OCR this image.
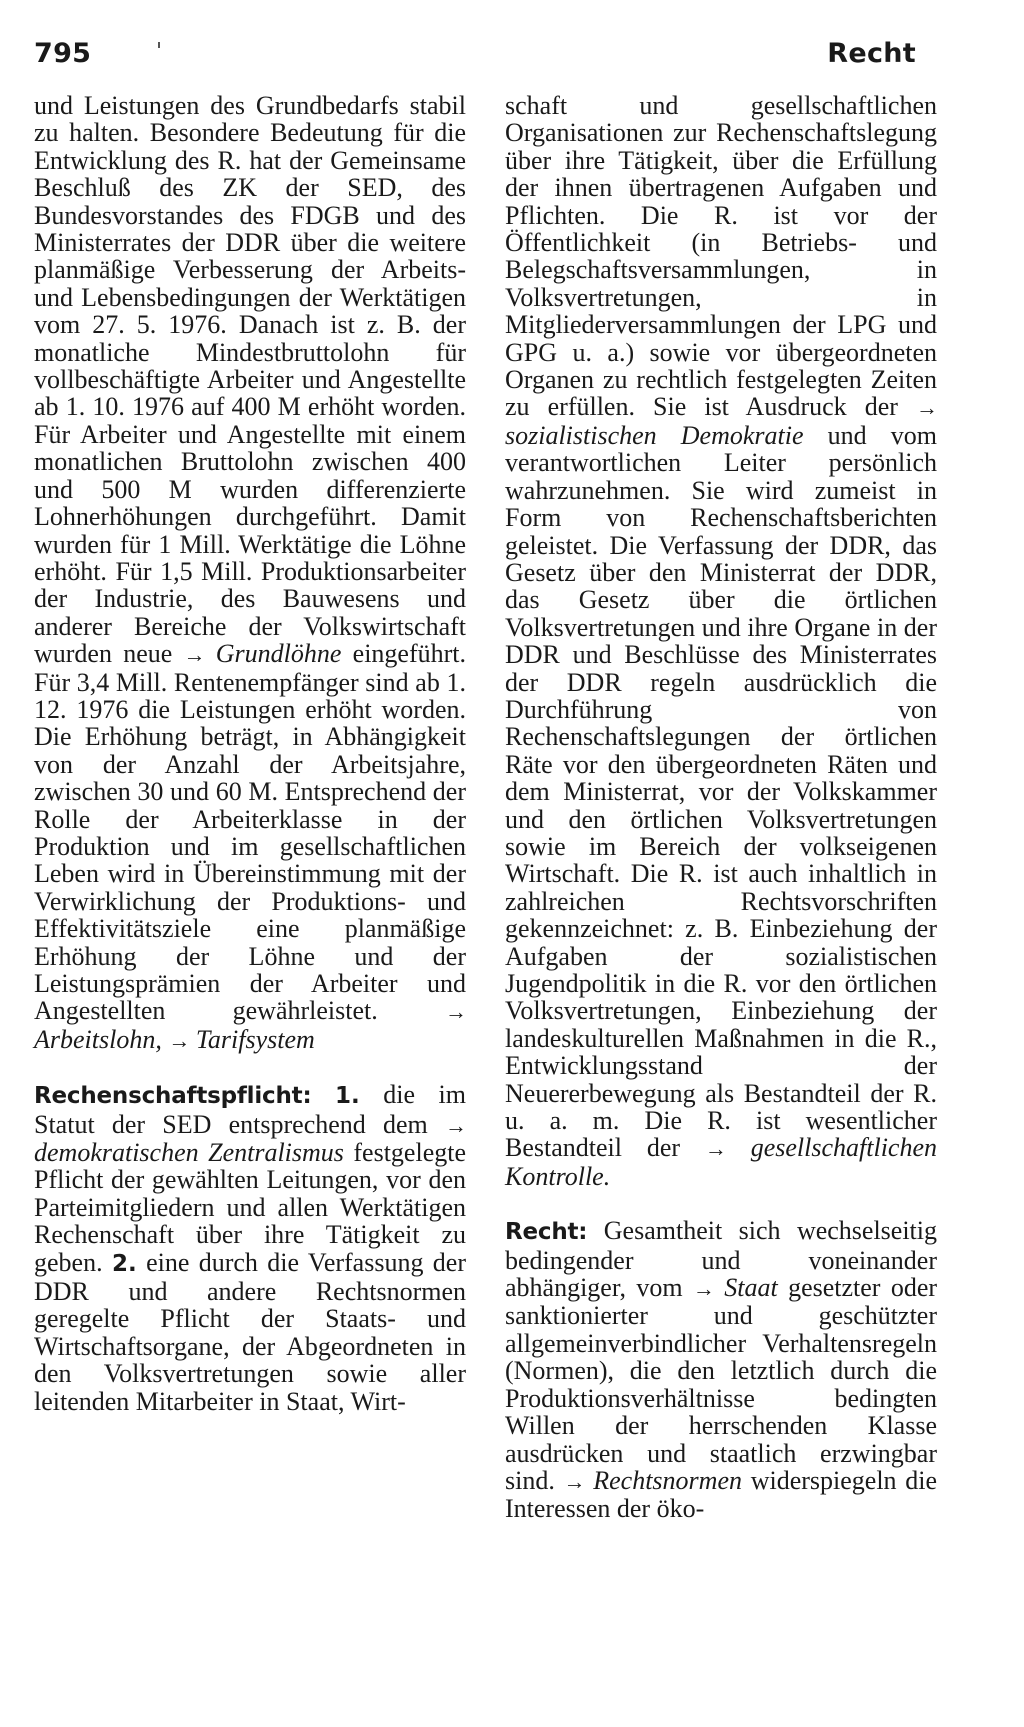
795	Recht

und Leistungen des Grundbedarfs stabil zu halten. Besondere Bedeutung für die Entwicklung des R. hat der Gemeinsame Beschluß des ZK der SED, des Bundesvorstandes des FDGB und des Ministerrates der DDR über die weitere planmäßige Verbesserung der Arbeits- und Lebensbedingungen der Werktätigen vom 27. 5. 1976. Danach ist z. B. der monatliche Mindestbruttolohn für vollbeschäftigte Arbeiter und Angestellte ab 1. 10. 1976 auf 400 M erhöht worden. Für Arbeiter und Angestellte mit einem monatlichen Bruttolohn zwischen 400 und 500 M wurden differenzierte Lohnerhöhungen durchgeführt. Damit wurden für 1 Mill. Werktätige die Löhne erhöht. Für 1,5 Mill. Produktionsarbeiter der Industrie, des Bauwesens und anderer Bereiche der Volkswirtschaft wurden neue → Grundlöhne eingeführt. Für 3,4 Mill. Rentenempfänger sind ab 1. 12. 1976 die Leistungen erhöht worden. Die Erhöhung beträgt, in Abhängigkeit von der Anzahl der Arbeitsjahre, zwischen 30 und 60 M. Entsprechend der Rolle der Arbeiterklasse in der Produktion und im gesellschaftlichen Leben wird in Übereinstimmung mit der Verwirklichung der Produktions- und Effektivitätsziele eine planmäßige Erhöhung der Löhne und der Leistungsprämien der Arbeiter und Angestellten gewährleistet.	→ Arbeitslohn, → Tarifsystem

Rechenschaftspflicht: 1. die im Statut der SED entsprechend dem → demokratischen Zentralismus festgelegte Pflicht der gewählten Leitungen, vor den Parteimitgliedern und allen Werktätigen Rechenschaft über ihre Tätigkeit zu geben. 2. eine durch die Verfassung der DDR und andere Rechtsnormen geregelte Pflicht der Staats- und Wirtschaftsorgane, der Abgeordneten in den Volksvertretungen sowie aller leitenden Mitarbeiter in Staat, Wirt-

schaft und gesellschaftlichen Organisationen zur Rechenschaftslegung über ihre Tätigkeit, über die Erfüllung der ihnen übertragenen Aufgaben und Pflichten. Die R. ist vor der Öffentlichkeit (in Betriebs- und Belegschaftsversammlungen, in Volksvertretungen, in Mitgliederversammlungen der LPG und GPG u. a.) sowie vor übergeordneten Organen zu rechtlich festgelegten Zeiten zu erfüllen. Sie ist Ausdruck der → sozialistischen Demokratie und vom verantwortlichen Leiter persönlich wahrzunehmen. Sie wird zumeist in Form von Rechenschaftsberichten geleistet. Die Verfassung der DDR, das Gesetz über den Ministerrat der DDR, das Gesetz über die örtlichen Volksvertretungen und ihre Organe in der DDR und Beschlüsse des Ministerrates der DDR regeln ausdrücklich die Durchführung von Rechenschaftslegungen der örtlichen Räte vor den übergeordneten Räten und dem Ministerrat, vor der Volkskammer und den örtlichen Volksvertretungen sowie im Bereich der volkseigenen Wirtschaft. Die R. ist auch inhaltlich in zahlreichen Rechtsvorschriften gekennzeichnet: z. B. Einbeziehung der Aufgaben der sozialistischen Jugendpolitik in die R. vor den örtlichen Volksvertretungen, Einbeziehung der landeskulturellen Maßnahmen in die R., Entwicklungsstand der Neuererbewegung als Bestandteil der R. u. a. m. Die R. ist wesentlicher Bestandteil der → gesellschaftlichen Kontrolle.

Recht: Gesamtheit sich wechselseitig bedingender und voneinander abhängiger, vom → Staat gesetzter oder sanktionierter und geschützter allgemeinverbindlicher Verhaltensregeln (Normen), die den letztlich durch die Produktionsverhältnisse bedingten Willen der herrschenden Klasse ausdrücken und staatlich erzwingbar sind. → Rechtsnormen widerspiegeln die Interessen der öko-
